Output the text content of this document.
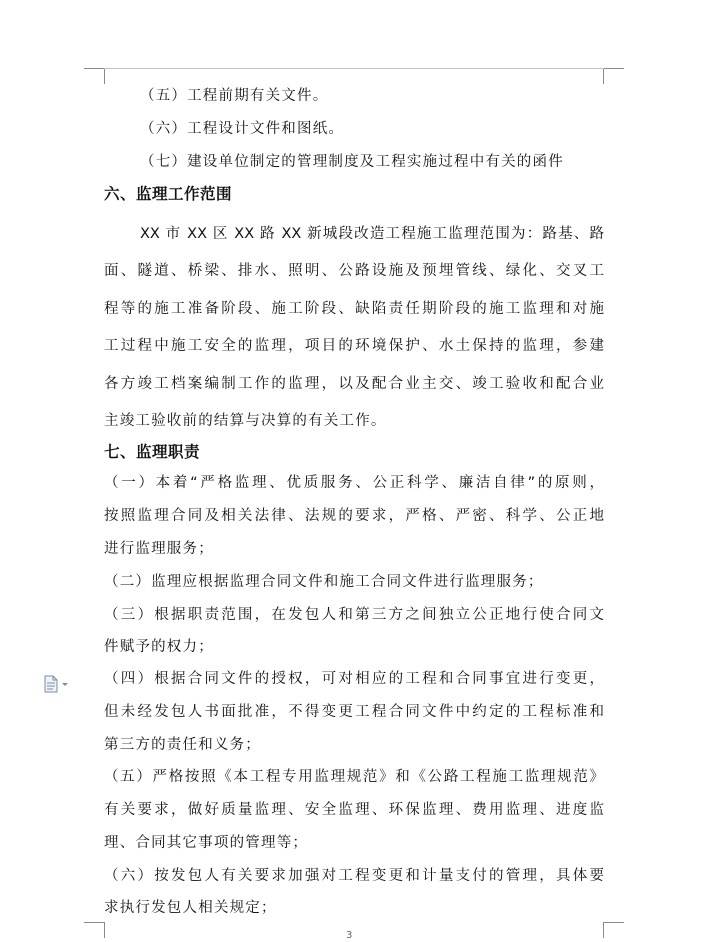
（五）工程前期有关文件。
（六）工程设计文件和图纸。
（七）建设单位制定的管理制度及工程实施过程中有关的函件
六、监理工作范围
XX 市 XX 区 XX 路 XX 新城段改造工程施工监理范围为：路基、路
面、隧道、桥梁、排水、照明、公路设施及预埋管线、绿化、交叉工
程等的施工准备阶段、施工阶段、缺陷责任期阶段的施工监理和对施
工过程中施工安全的监理，项目的环境保护、水土保持的监理，参建
各方竣工档案编制工作的监理，以及配合业主交、竣工验收和配合业
主竣工验收前的结算与决算的有关工作。
七、监理职责
（一）本着“严格监理、优质服务、公正科学、廉洁自律”的原则，
按照监理合同及相关法律、法规的要求，严格、严密、科学、公正地
进行监理服务；
（二）监理应根据监理合同文件和施工合同文件进行监理服务；
（三）根据职责范围，在发包人和第三方之间独立公正地行使合同文
件赋予的权力；
（四）根据合同文件的授权，可对相应的工程和合同事宜进行变更，
但未经发包人书面批准，不得变更工程合同文件中约定的工程标准和
第三方的责任和义务；
（五）严格按照《本工程专用监理规范》和《公路工程施工监理规范》
有关要求，做好质量监理、安全监理、环保监理、费用监理、进度监
理、合同其它事项的管理等；
（六）按发包人有关要求加强对工程变更和计量支付的管理，具体要
求执行发包人相关规定；
3
